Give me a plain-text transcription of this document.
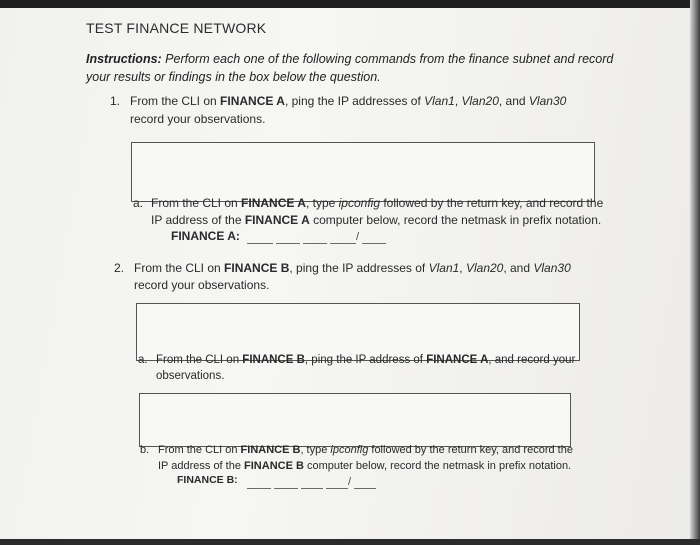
TEST FINANCE NETWORK
Instructions: Perform each one of the following commands from the finance subnet and record
your results or findings in the box below the question.
1. From the CLI on FINANCE A, ping the IP addresses of Vlan1, Vlan20, and Vlan30
record your observations.
a. From the CLI on FINANCE A, type ipconfig followed by the return key, and record the
IP address of the FINANCE A computer below, record the netmask in prefix notation.
FINANCE A:	/
2. From the CLI on FINANCE B, ping the IP addresses of Vlan1, Vlan20, and Vlan30
record your observations.
a. From the CLI on FINANCE B, ping the IP address of FINANCE A, and record your
observations.
b. From the CLI on FINANCE B, type ipconfig followed by the return key, and record the
IP address of the FINANCE B computer below, record the netmask in prefix notation.
FINANCE B:	/
